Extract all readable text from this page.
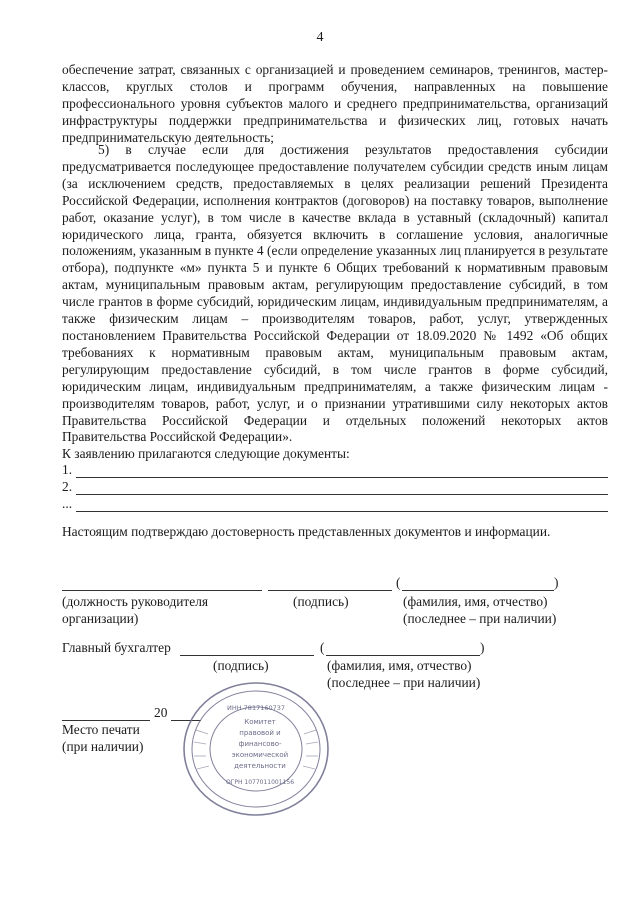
4

обеспечение затрат, связанных с организацией и проведением семинаров, тренингов, мастер-классов, круглых столов и программ обучения, направленных на повышение профессионального уровня субъектов малого и среднего предпринимательства, организаций инфраструктуры поддержки предпринимательства и физических лиц, готовых начать предпринимательскую деятельность;

5) в случае если для достижения результатов предоставления субсидии предусматривается последующее предоставление получателем субсидии средств иным лицам (за исключением средств, предоставляемых в целях реализации решений Президента Российской Федерации, исполнения контрактов (договоров) на поставку товаров, выполнение работ, оказание услуг), в том числе в качестве вклада в уставный (складочный) капитал юридического лица, гранта, обязуется включить в соглашение условия, аналогичные положениям, указанным в пункте 4 (если определение указанных лиц планируется в результате отбора), подпункте «м» пункта 5 и пункте 6 Общих требований к нормативным правовым актам, муниципальным правовым актам, регулирующим предоставление субсидий, в том числе грантов в форме субсидий, юридическим лицам, индивидуальным предпринимателям, а также физическим лицам – производителям товаров, работ, услуг, утвержденных постановлением Правительства Российской Федерации от 18.09.2020 № 1492 «Об общих требованиях к нормативным правовым актам, муниципальным правовым актам, регулирующим предоставление субсидий, в том числе грантов в форме субсидий, юридическим лицам, индивидуальным предпринимателям, а также физическим лицам - производителям товаров, работ, услуг, и о признании утратившими силу некоторых актов Правительства Российской Федерации и отдельных положений некоторых актов Правительства Российской Федерации».

К заявлению прилагаются следующие документы:
1.
2.
...
Настоящим подтверждаю достоверность представленных документов и информации.
(	)
(должность руководителя
организации)
(подпись)	(фамилия, имя, отчество)
(последнее – при наличии)
Главный бухгалтер	(	)
(подпись)	(фамилия, имя, отчество)
(последнее – при наличии)
20
Место печати
(при наличии)
ИНН 7817160737
Комитет
правовой и
финансово-
экономической
деятельности
ОГРН 1077011001156
